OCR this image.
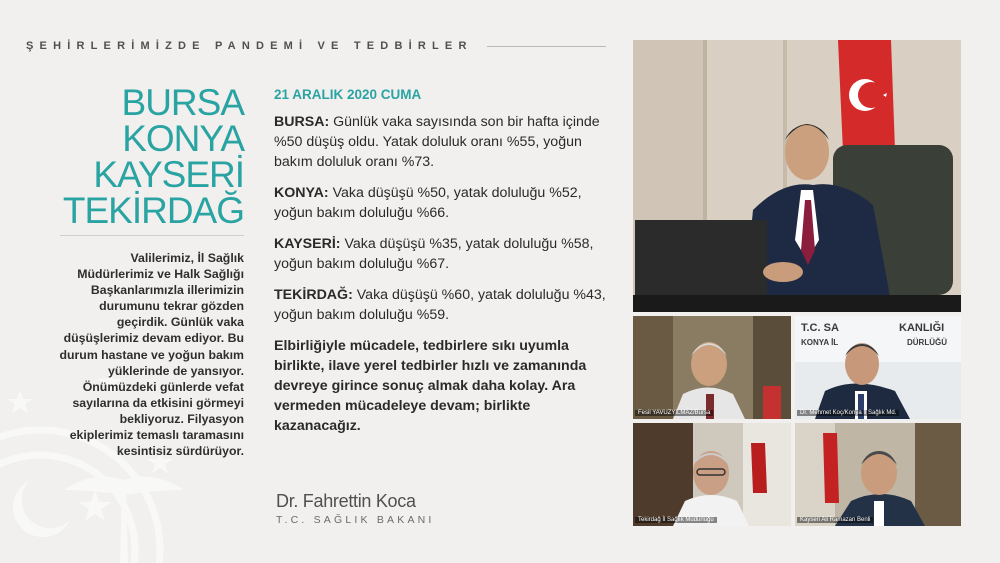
ŞEHİRLERİMİZDE PANDEMİ VE TEDBİRLER
BURSA
KONYA
KAYSERİ
TEKİRDAĞ
Valilerimiz, İl Sağlık Müdürlerimiz ve Halk Sağlığı Başkanlarımızla illerimizin durumunu tekrar gözden geçirdik. Günlük vaka düşüşlerimiz devam ediyor. Bu durum hastane ve yoğun bakım yüklerinde de yansıyor. Önümüzdeki günlerde vefat sayılarına da etkisini görmeyi bekliyoruz. Filyasyon ekiplerimiz temaslı taramasını kesintisiz sürdürüyor.
21 ARALIK 2020 CUMA
BURSA: Günlük vaka sayısında son bir hafta içinde %50 düşüş oldu. Yatak doluluk oranı %55, yoğun bakım doluluk oranı %73.
KONYA: Vaka düşüşü %50, yatak doluluğu %52, yoğun bakım doluluğu %66.
KAYSERİ: Vaka düşüşü %35, yatak doluluğu %58, yoğun bakım doluluğu %67.
TEKİRDAĞ: Vaka düşüşü %60, yatak doluluğu %43, yoğun bakım doluluğu %59.
Elbirliğiyle mücadele, tedbirlere sıkı uyumla birlikte, ilave yerel tedbirler hızlı ve zamanında devreye girince sonuç almak daha kolay. Ara vermeden mücadeleye devam; birlikte kazanacağız.
Dr. Fahrettin Koca
T.C. SAĞLIK BAKANI
Fesil YAVUZYILMAZ/Bursa
T.C. SA	KANLIĞI
KONYA İL	DÜRLÜĞÜ
Dr. Mehmet Koç/Konya İl Sağlık Md.
Tekirdağ İl Sağlık Müdürlüğü	Kayseri Ali Ramazan Benli
